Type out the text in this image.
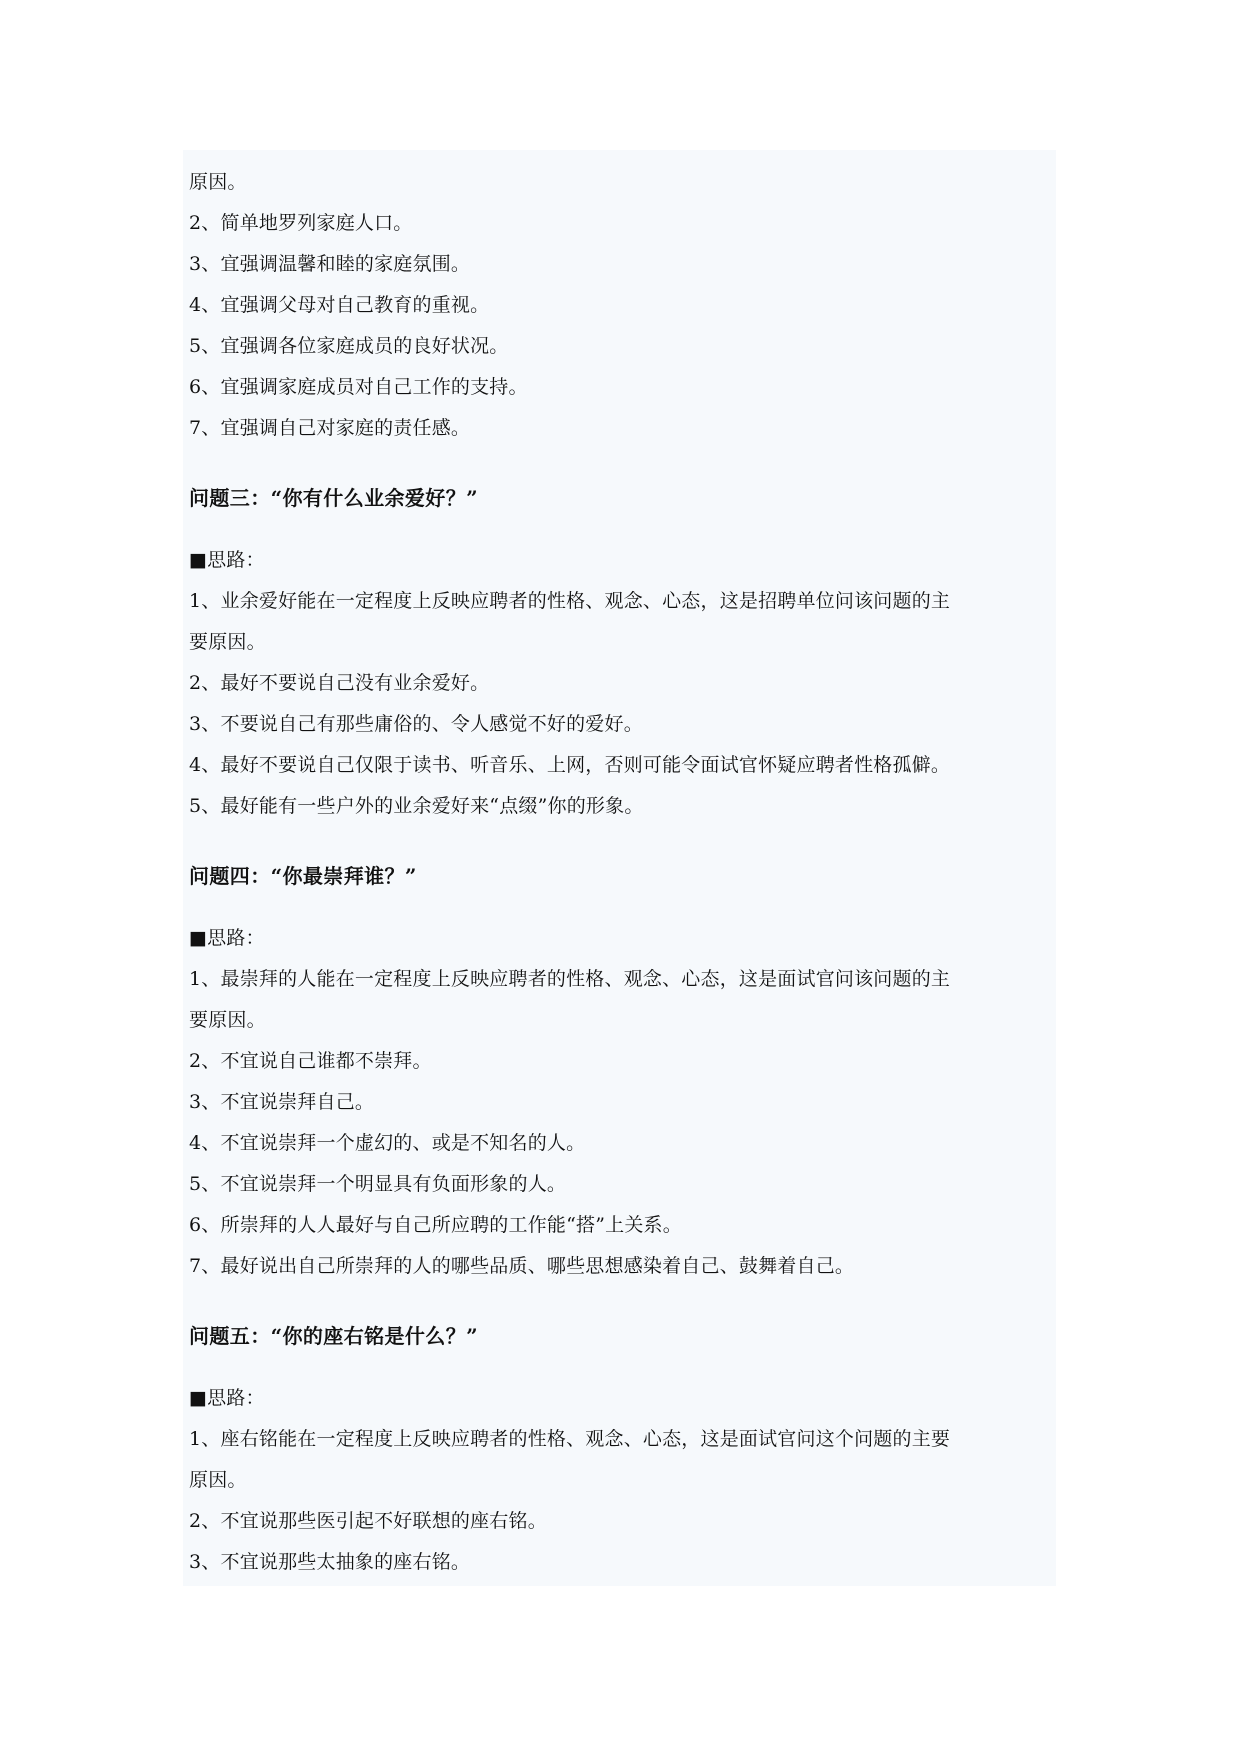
原因。
2、简单地罗列家庭人口。
3、宜强调温馨和睦的家庭氛围。
4、宜强调父母对自己教育的重视。
5、宜强调各位家庭成员的良好状况。
6、宜强调家庭成员对自己工作的支持。
7、宜强调自己对家庭的责任感。
问题三：“你有什么业余爱好？”
■思路：
1、业余爱好能在一定程度上反映应聘者的性格、观念、心态，这是招聘单位问该问题的主
要原因。
2、最好不要说自己没有业余爱好。
3、不要说自己有那些庸俗的、令人感觉不好的爱好。
4、最好不要说自己仅限于读书、听音乐、上网，否则可能令面试官怀疑应聘者性格孤僻。
5、最好能有一些户外的业余爱好来“点缀”你的形象。
问题四：“你最崇拜谁？”
■思路：
1、最崇拜的人能在一定程度上反映应聘者的性格、观念、心态，这是面试官问该问题的主
要原因。
2、不宜说自己谁都不崇拜。
3、不宜说崇拜自己。
4、不宜说崇拜一个虚幻的、或是不知名的人。
5、不宜说崇拜一个明显具有负面形象的人。
6、所崇拜的人人最好与自己所应聘的工作能“搭”上关系。
7、最好说出自己所崇拜的人的哪些品质、哪些思想感染着自己、鼓舞着自己。
问题五：“你的座右铭是什么？”
■思路：
1、座右铭能在一定程度上反映应聘者的性格、观念、心态，这是面试官问这个问题的主要
原因。
2、不宜说那些医引起不好联想的座右铭。
3、不宜说那些太抽象的座右铭。
